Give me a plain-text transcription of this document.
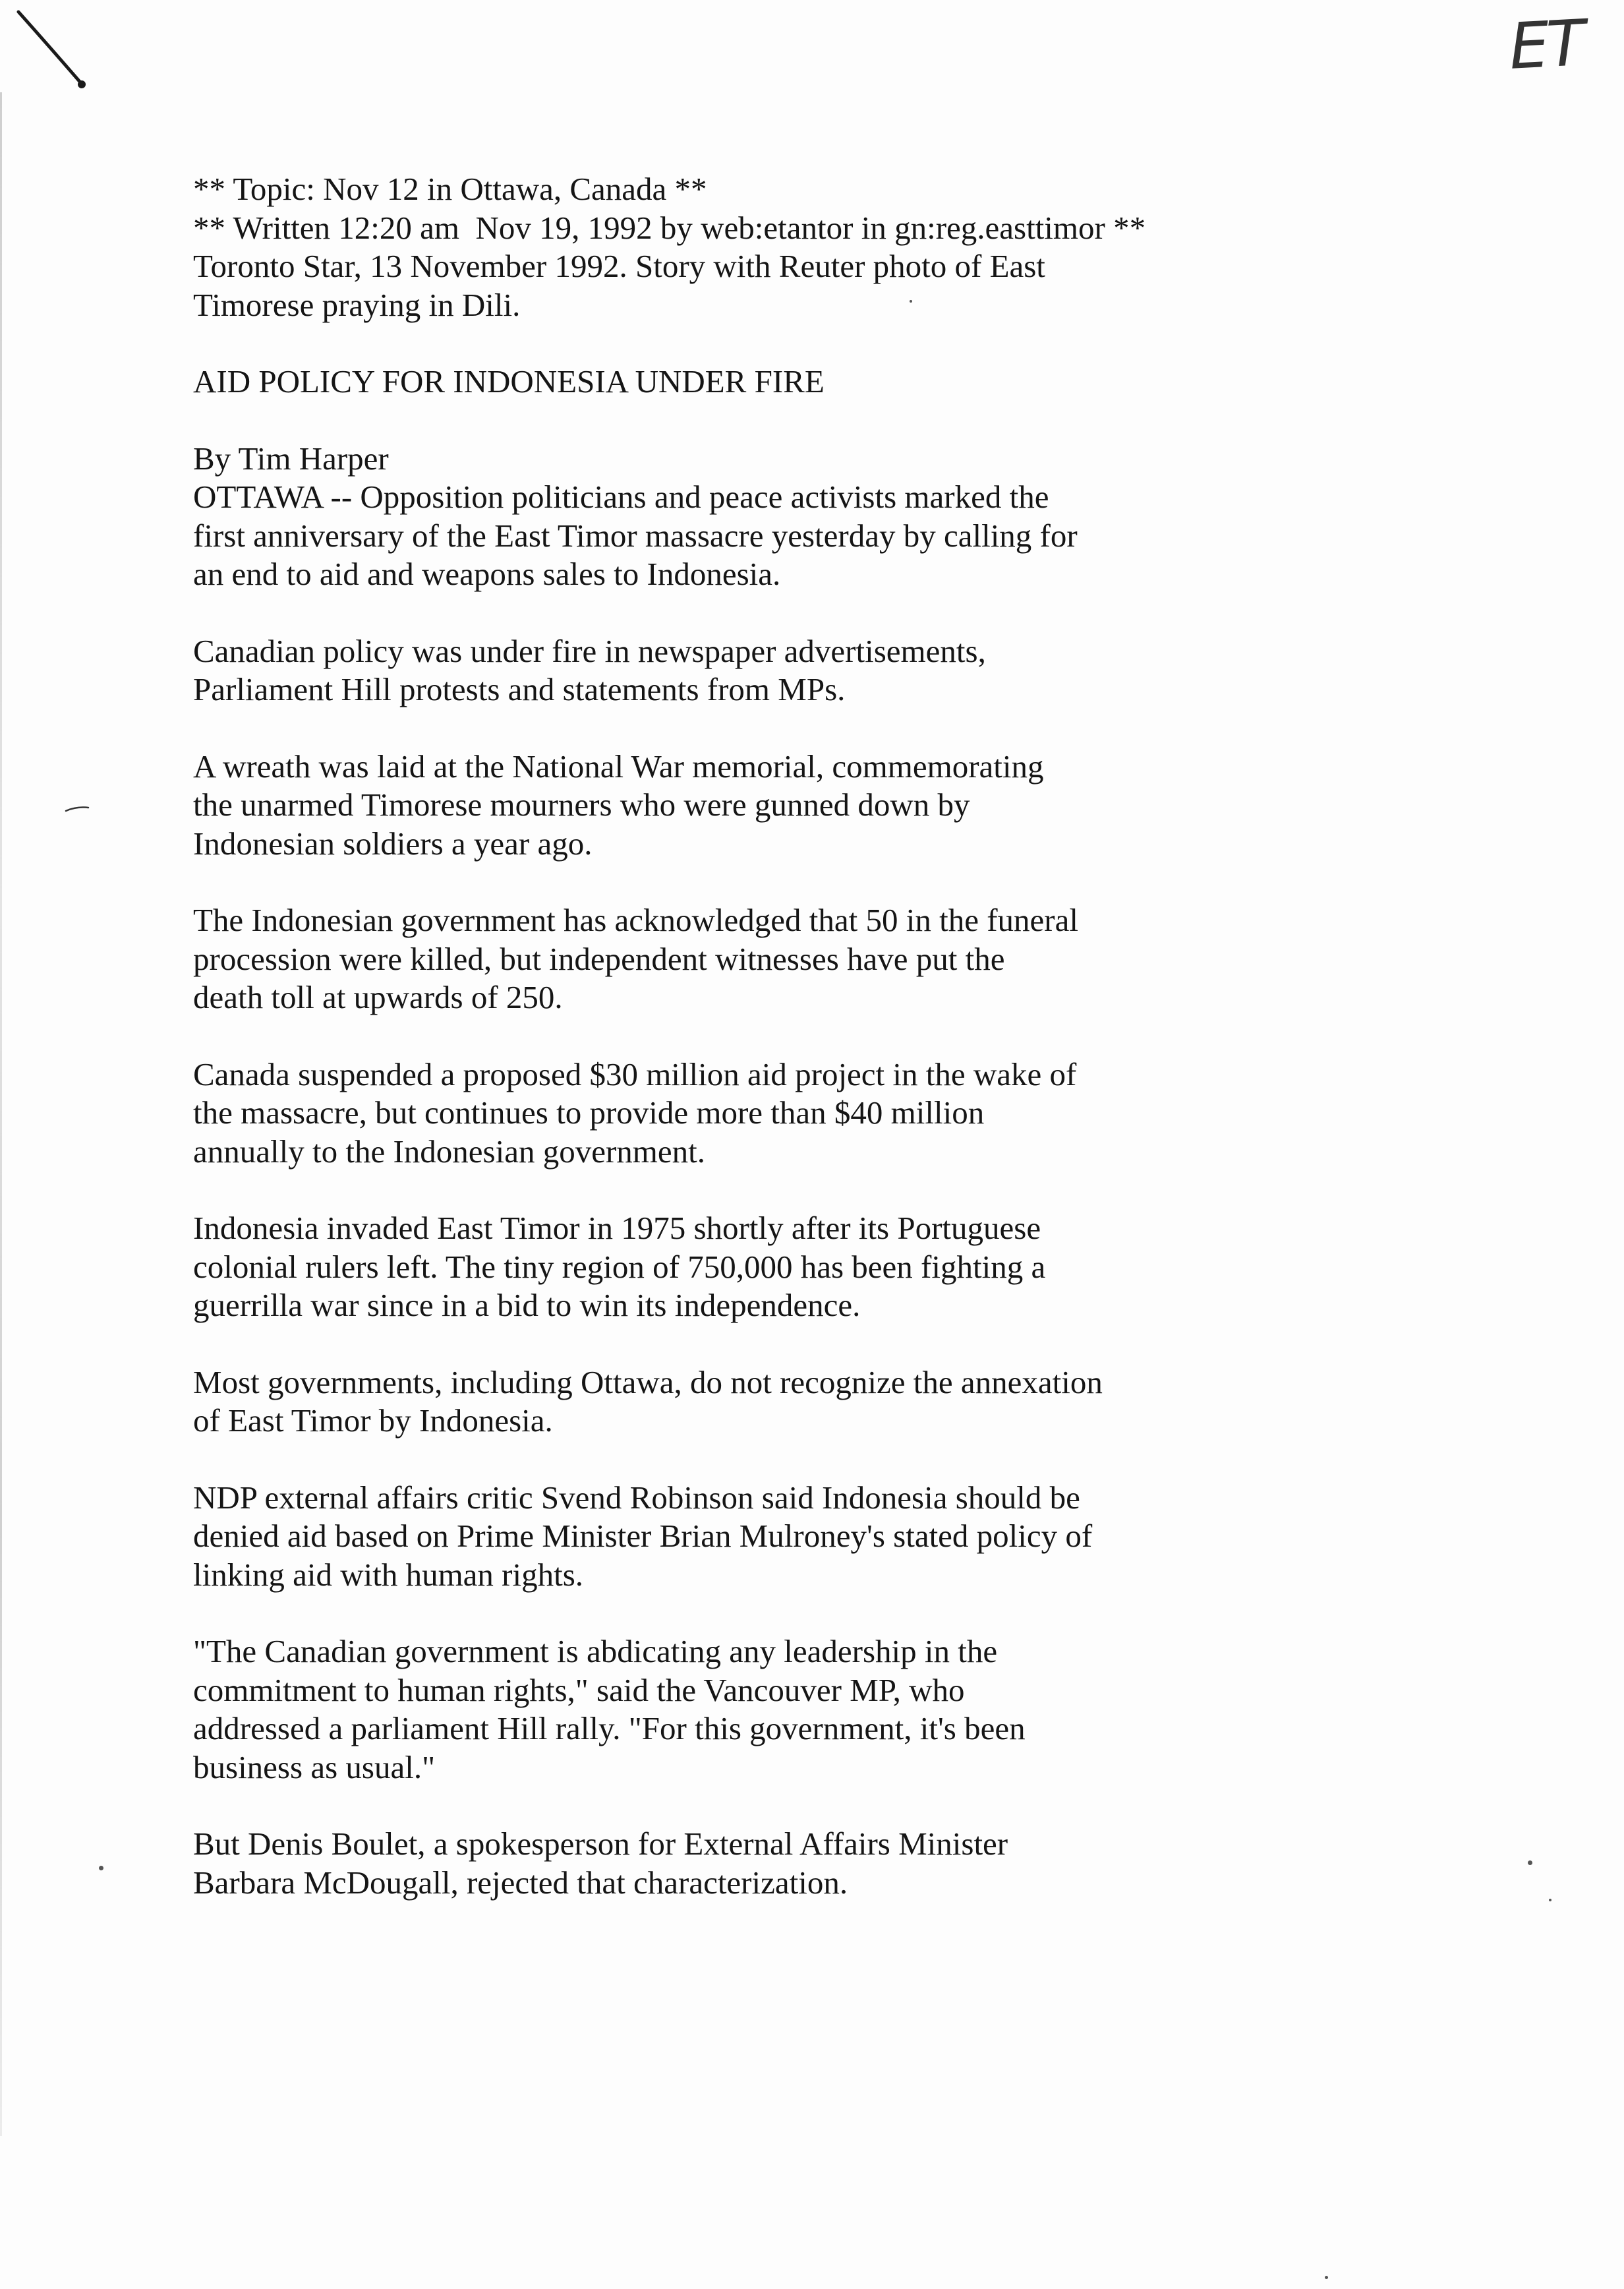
ET
** Topic: Nov 12 in Ottawa, Canada **
** Written 12:20 am  Nov 19, 1992 by web:etantor in gn:reg.easttimor **
Toronto Star, 13 November 1992. Story with Reuter photo of East
Timorese praying in Dili.
AID POLICY FOR INDONESIA UNDER FIRE
By Tim Harper
OTTAWA -- Opposition politicians and peace activists marked the
first anniversary of the East Timor massacre yesterday by calling for
an end to aid and weapons sales to Indonesia.
Canadian policy was under fire in newspaper advertisements,
Parliament Hill protests and statements from MPs.
A wreath was laid at the National War memorial, commemorating
the unarmed Timorese mourners who were gunned down by
Indonesian soldiers a year ago.
The Indonesian government has acknowledged that 50 in the funeral
procession were killed, but independent witnesses have put the
death toll at upwards of 250.
Canada suspended a proposed $30 million aid project in the wake of
the massacre, but continues to provide more than $40 million
annually to the Indonesian government.
Indonesia invaded East Timor in 1975 shortly after its Portuguese
colonial rulers left. The tiny region of 750,000 has been fighting a
guerrilla war since in a bid to win its independence.
Most governments, including Ottawa, do not recognize the annexation
of East Timor by Indonesia.
NDP external affairs critic Svend Robinson said Indonesia should be
denied aid based on Prime Minister Brian Mulroney's stated policy of
linking aid with human rights.
"The Canadian government is abdicating any leadership in the
commitment to human rights," said the Vancouver MP, who
addressed a parliament Hill rally. "For this government, it's been
business as usual."
But Denis Boulet, a spokesperson for External Affairs Minister
Barbara McDougall, rejected that characterization.
